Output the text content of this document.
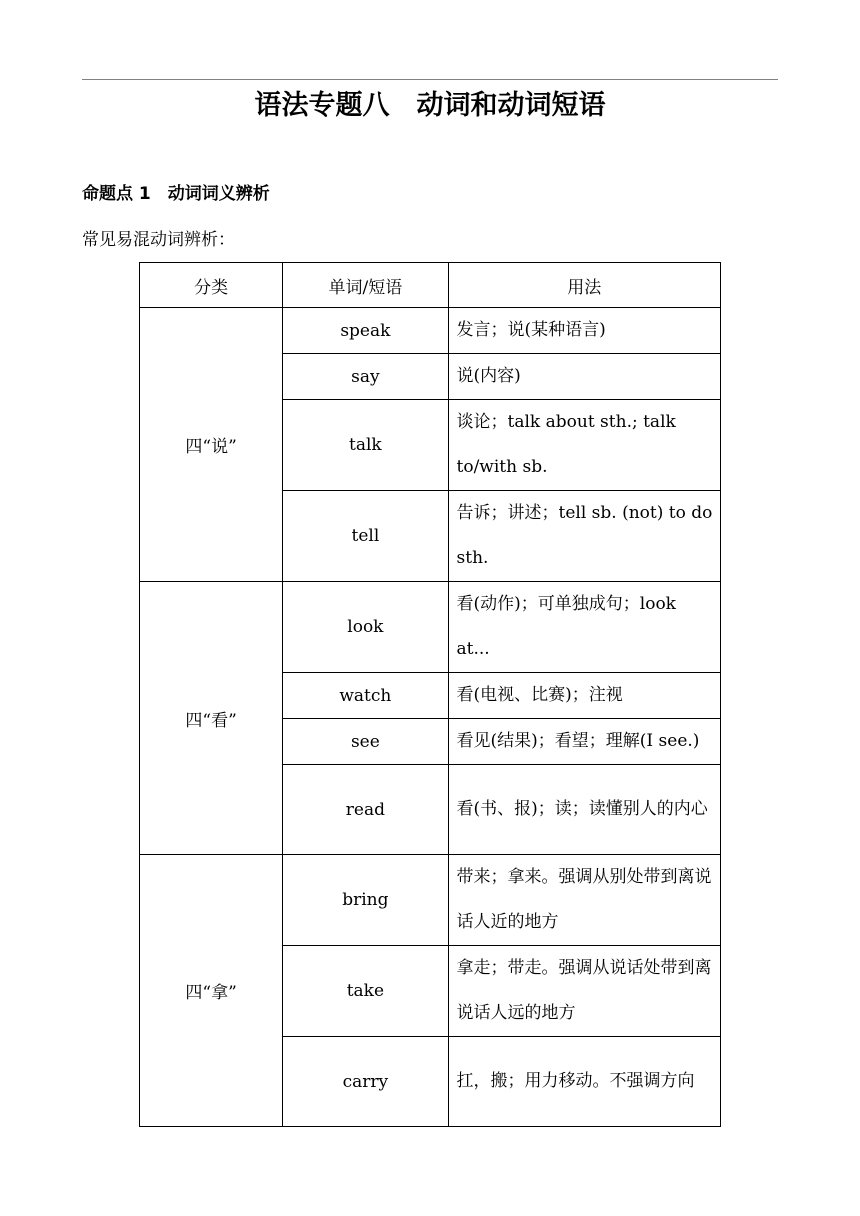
语法专题八　动词和动词短语
命题点 1　动词词义辨析
常见易混动词辨析：
分类	单词/短语	用法
四“说”	speak	发言；说(某种语言)
	say	说(内容)
	talk	谈论；talk about sth.; talk to/with sb.
	tell	告诉；讲述；tell sb. (not) to do sth.
四“看”	look	看(动作)；可单独成句；look at...
	watch	看(电视、比赛)；注视
	see	看见(结果)；看望；理解(I see.)
	read	看(书、报)；读；读懂别人的内心
四“拿”	bring	带来；拿来。强调从别处带到离说话人近的地方
	take	拿走；带走。强调从说话处带到离说话人远的地方
	carry	扛，搬；用力移动。不强调方向
